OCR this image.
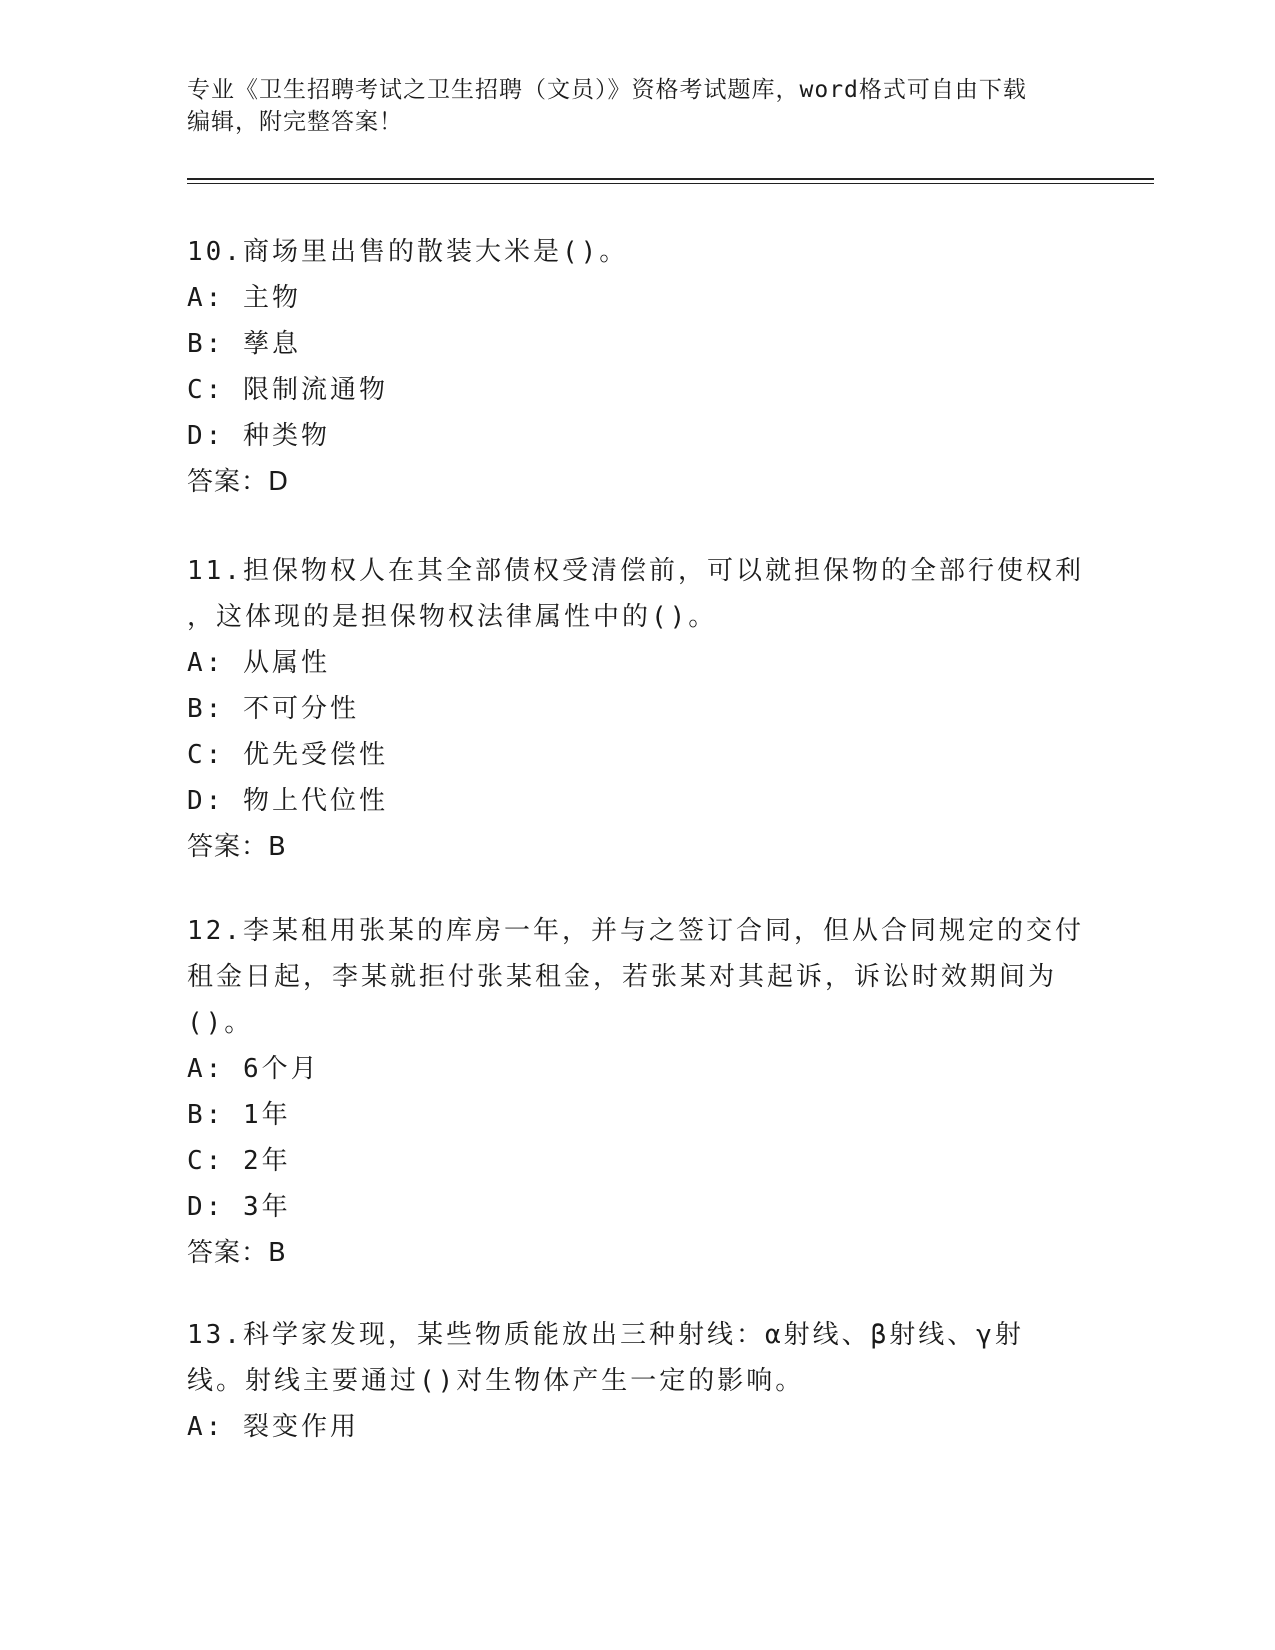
专业《卫生招聘考试之卫生招聘（文员）》资格考试题库，word格式可自由下载
编辑，附完整答案！
10.商场里出售的散装大米是()。
A: 主物
B: 孳息
C: 限制流通物
D: 种类物
答案：D
11.担保物权人在其全部债权受清偿前，可以就担保物的全部行使权利
，这体现的是担保物权法律属性中的()。
A: 从属性
B: 不可分性
C: 优先受偿性
D: 物上代位性
答案：B
12.李某租用张某的库房一年，并与之签订合同，但从合同规定的交付
租金日起，李某就拒付张某租金，若张某对其起诉，诉讼时效期间为
()。
A: 6个月
B: 1年
C: 2年
D: 3年
答案：B
13.科学家发现，某些物质能放出三种射线：α射线、β射线、γ射
线。射线主要通过()对生物体产生一定的影响。
A: 裂变作用
